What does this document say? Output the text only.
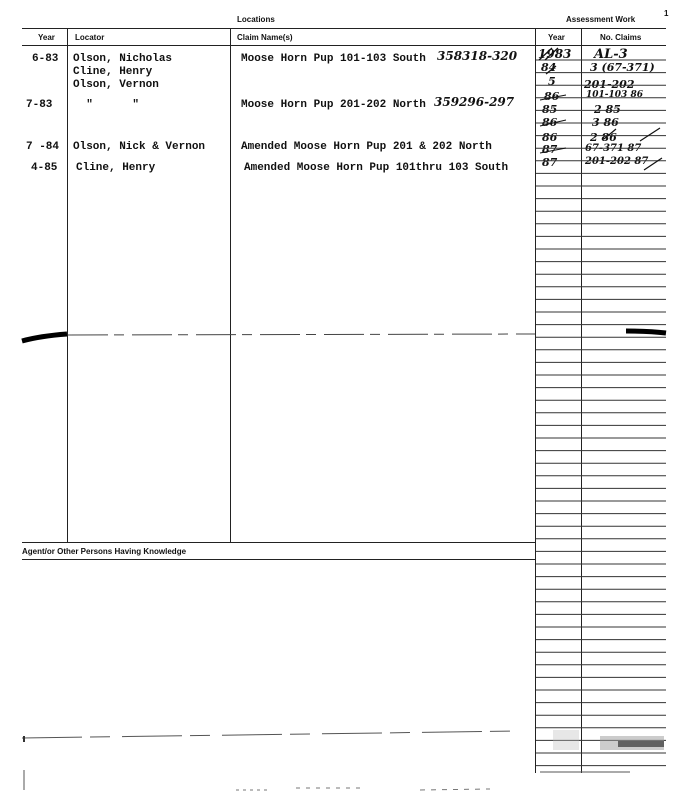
Locations	Assessment Work
1
Year	Locator	Claim Name(s)	Year	No. Claims
Agent/or Other Persons Having Knowledge
6-83 Olson, Nicholas
Cline, Henry
Olson, Vernon
Moose Horn Pup 101-103 South 358318-320
7-83 "      "	Moose Horn Pup 201-202 North 359296-297
7 -84 Olson, Nick & Vernon	Amended Moose Horn Pup 201 & 202 North
4-85 Cline, Henry	Amended Moose Horn Pup 101thru 103 South
1983 AL-3
84	3 (67-371)
5	201-202
86	101-103 86
85	2 85
86	3 86
86	2 86
87	67-371 87
87	201-202 87
